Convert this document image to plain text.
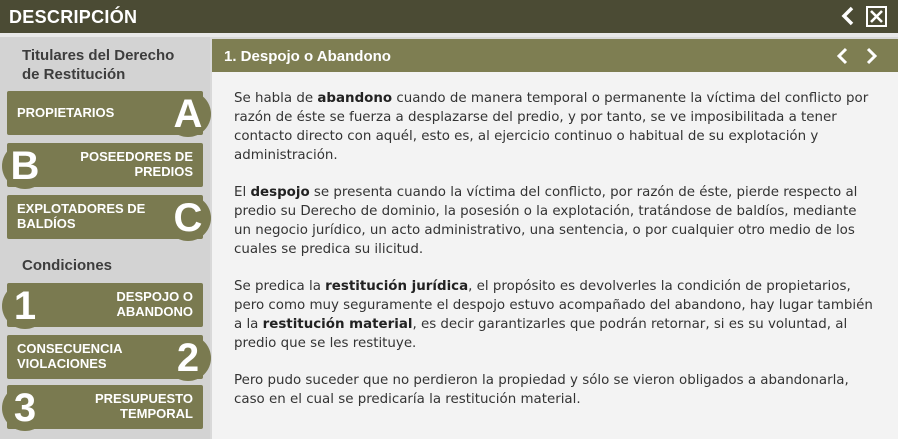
DESCRIPCIÓN
Titulares del Derecho de Restitución
PROPIETARIOS A
B	POSEEDORES DE PREDIOS
EXPLOTADORES DE BALDÍOS	C
Condiciones
1	DESPOJO O ABANDONO
CONSECUENCIA VIOLACIONES	2
3	PRESUPUESTO TEMPORAL
1. Despojo o Abandono

Se habla de abandono cuando de manera temporal o permanente la víctima del conflicto por razón de éste se fuerza a desplazarse del predio, y por tanto, se ve imposibilitada a tener contacto directo con aquél, esto es, al ejercicio continuo o habitual de su explotación y administración.

El despojo se presenta cuando la víctima del conflicto, por razón de éste, pierde respecto al predio su Derecho de dominio, la posesión o la explotación, tratándose de baldíos, mediante un negocio jurídico, un acto administrativo, una sentencia, o por cualquier otro medio de los cuales se predica su ilicitud.

Se predica la restitución jurídica, el propósito es devolverles la condición de propietarios, pero como muy seguramente el despojo estuvo acompañado del abandono, hay lugar también a la restitución material, es decir garantizarles que podrán retornar, si es su voluntad, al predio que se les restituye.

Pero pudo suceder que no perdieron la propiedad y sólo se vieron obligados a abandonarla, caso en el cual se predicaría la restitución material.
